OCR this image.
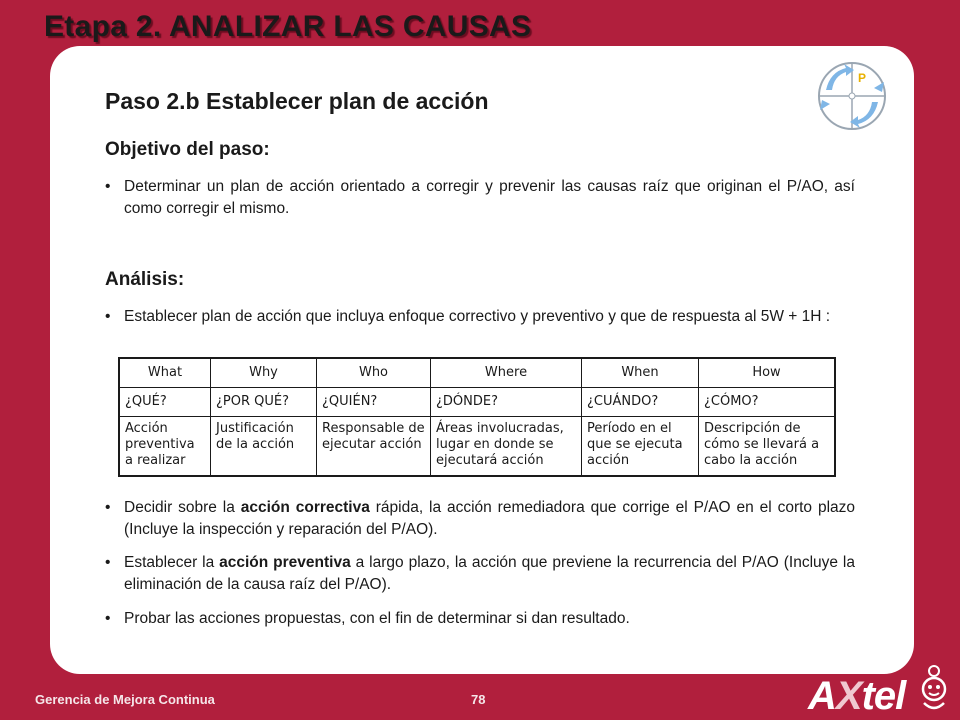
Etapa 2. ANALIZAR LAS CAUSAS
P
Paso 2.b Establecer plan de acción
Objetivo del paso:
• Determinar un plan de acción orientado a corregir y prevenir las causas raíz que originan el P/AO, así como corregir el mismo.
Análisis:
• Establecer plan de acción que incluya enfoque correctivo y preventivo y que de respuesta al 5W + 1H :
What	Why	Who	Where	When	How
¿QUÉ?	¿POR QUÉ?	¿QUIÉN?	¿DÓNDE?	¿CUÁNDO?	¿CÓMO?
Acción preventiva a realizar	Justificación de la acción	Responsable de ejecutar acción	Áreas involucradas, lugar en donde se ejecutará acción	Período en el que se ejecuta acción	Descripción de cómo se llevará a cabo la acción
• Decidir sobre la acción correctiva rápida, la acción remediadora que corrige el P/AO en el corto plazo (Incluye la inspección y reparación del P/AO).
• Establecer la acción preventiva a largo plazo, la acción que previene la recurrencia del P/AO (Incluye la eliminación de la causa raíz del P/AO).
• Probar las acciones propuestas, con el fin de determinar si dan resultado.
Gerencia de Mejora Continua	78	AXtel
